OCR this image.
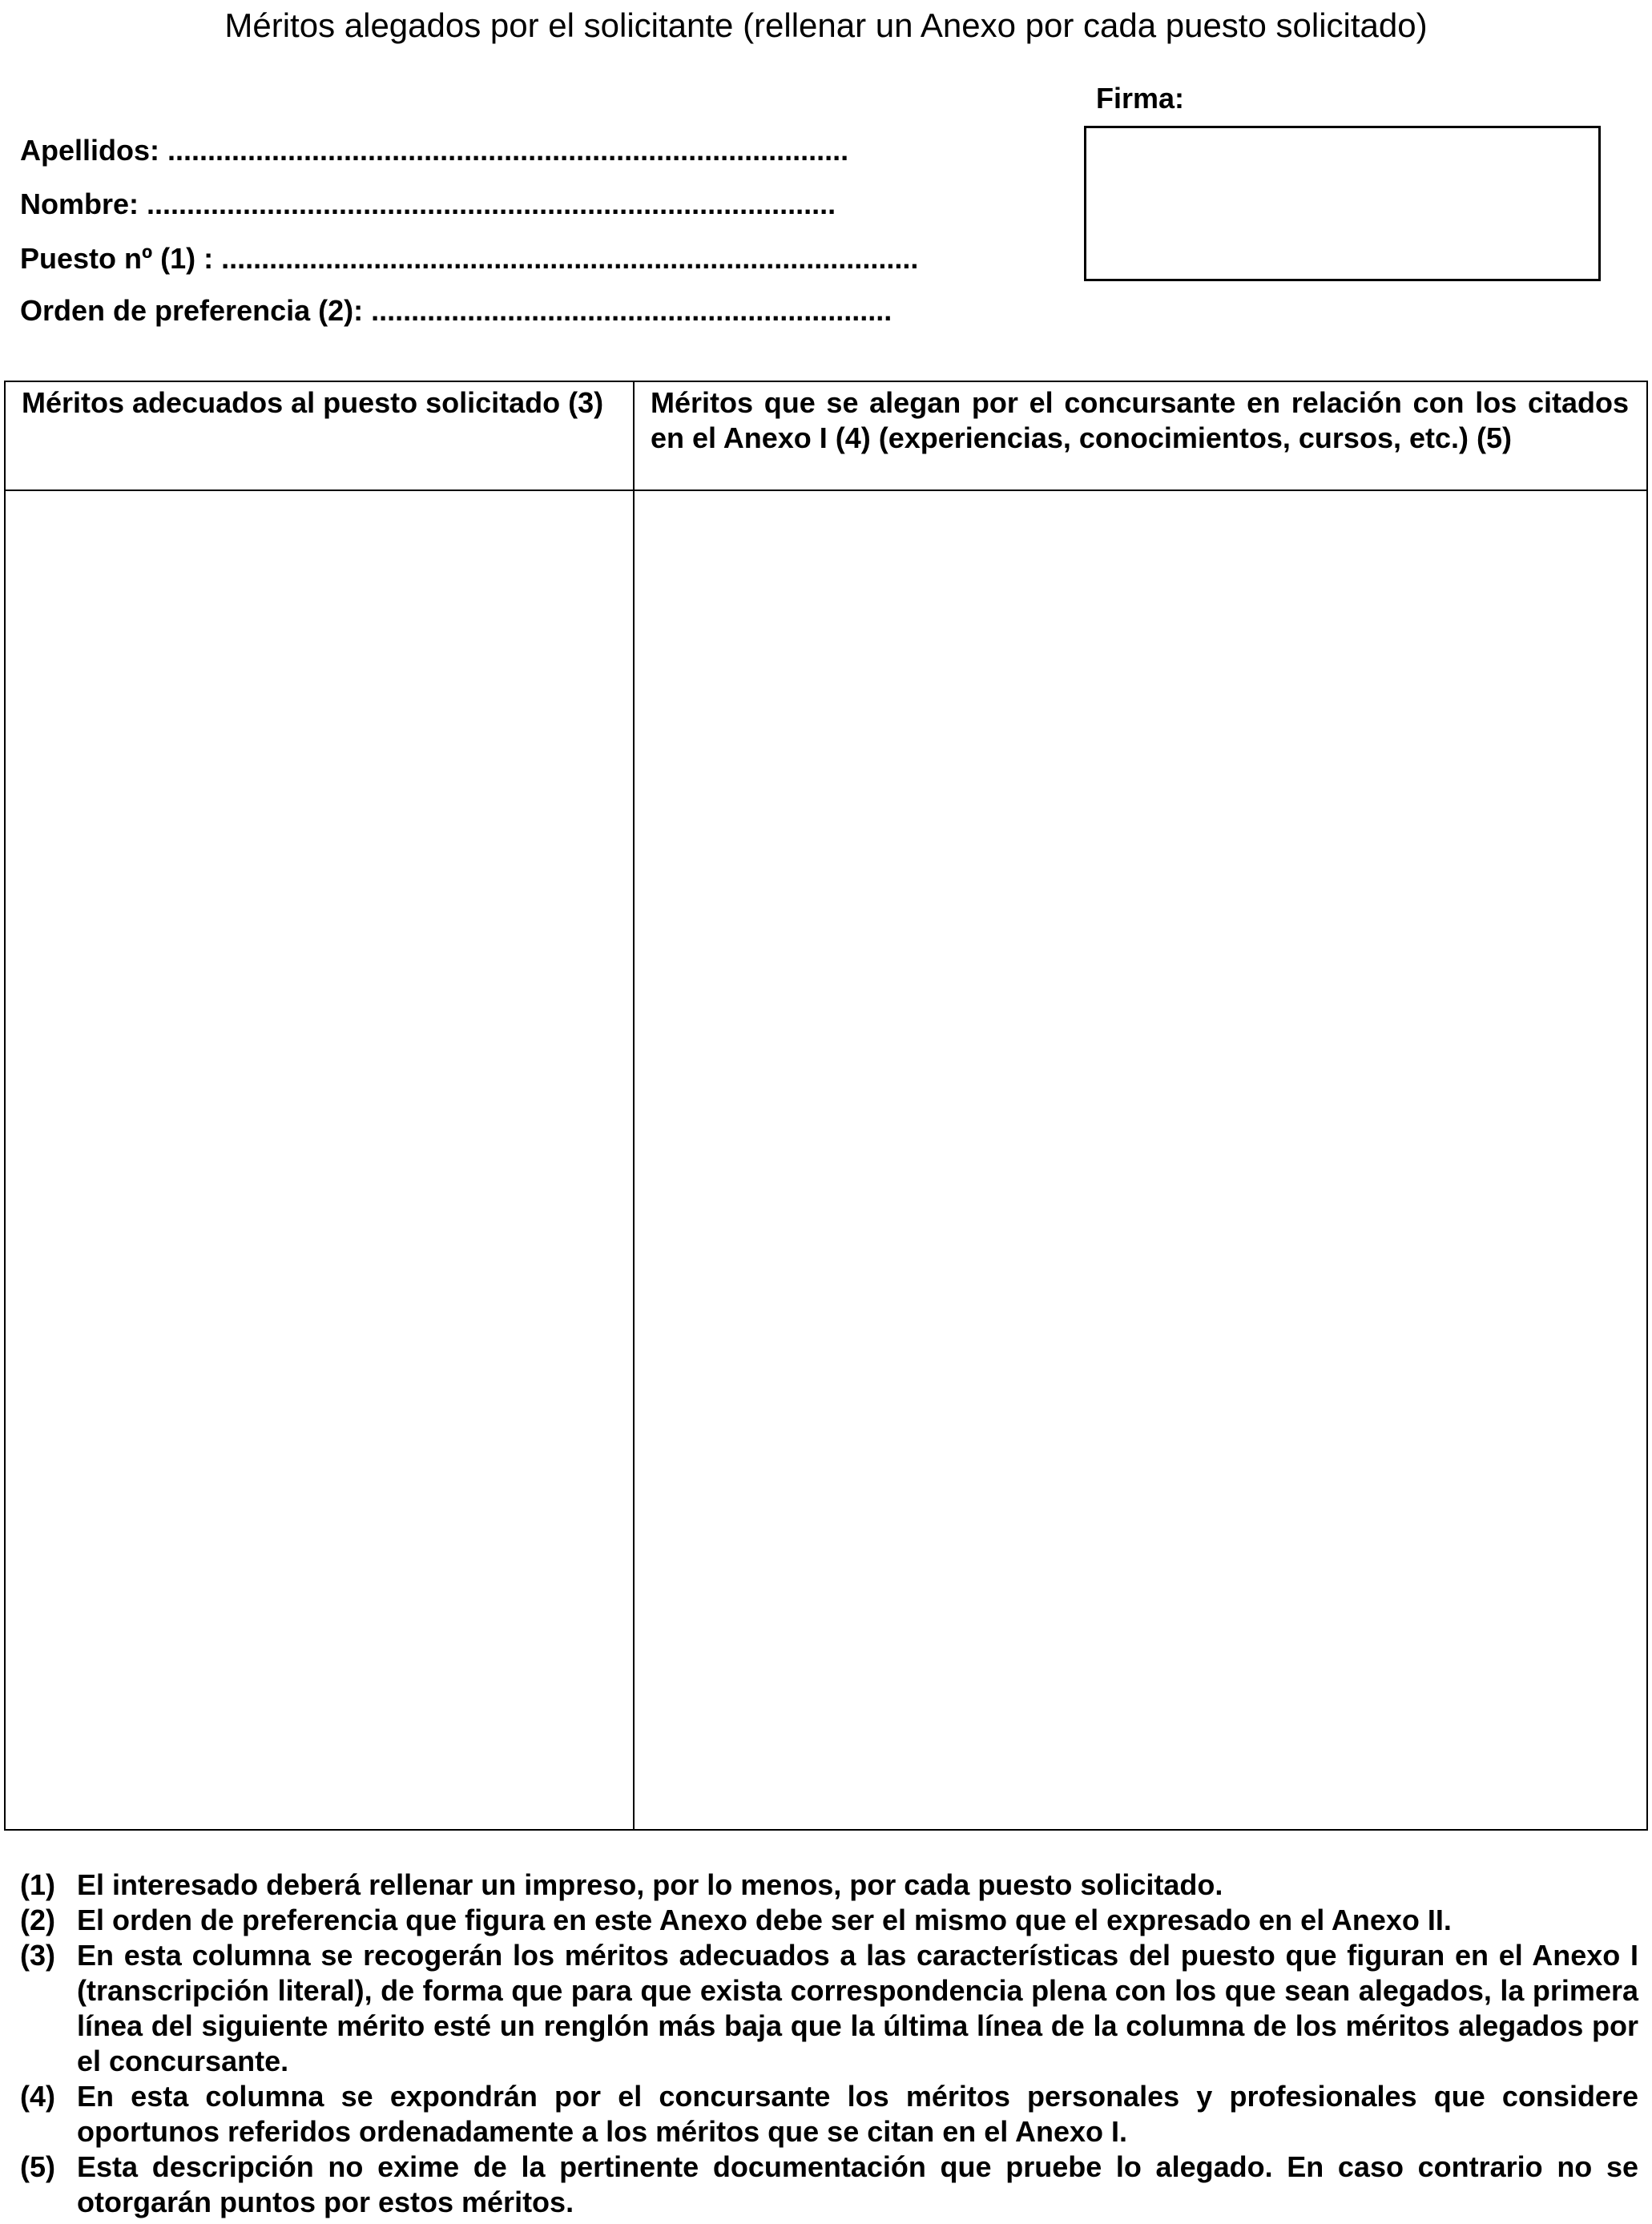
Méritos alegados por el solicitante (rellenar un Anexo por cada puesto solicitado)
Firma:
Apellidos: .....................................................................................
Nombre: ......................................................................................
Puesto nº (1) : .......................................................................................
Orden de preferencia (2): .................................................................
Méritos adecuados al puesto solicitado (3)	Méritos que se alegan por el concursante en relación con los citados en el Anexo I (4) (experiencias, conocimientos, cursos, etc.) (5)

(1) El interesado deberá rellenar un impreso, por lo menos, por cada puesto solicitado.
(2) El orden de preferencia que figura en este Anexo debe ser el mismo que el expresado en el Anexo II.
(3) En esta columna se recogerán los méritos adecuados a las características del puesto que figuran en el Anexo I (transcripción literal), de forma que para que exista correspondencia plena con los que sean alegados, la primera línea del siguiente mérito esté un renglón más baja que la última línea de la columna de los méritos alegados por el concursante.
(4) En esta columna se expondrán por el concursante los méritos personales y profesionales que considere oportunos referidos ordenadamente a los méritos que se citan en el Anexo I.
(5) Esta descripción no exime de la pertinente documentación que pruebe lo alegado. En caso contrario no se otorgarán puntos por estos méritos.
